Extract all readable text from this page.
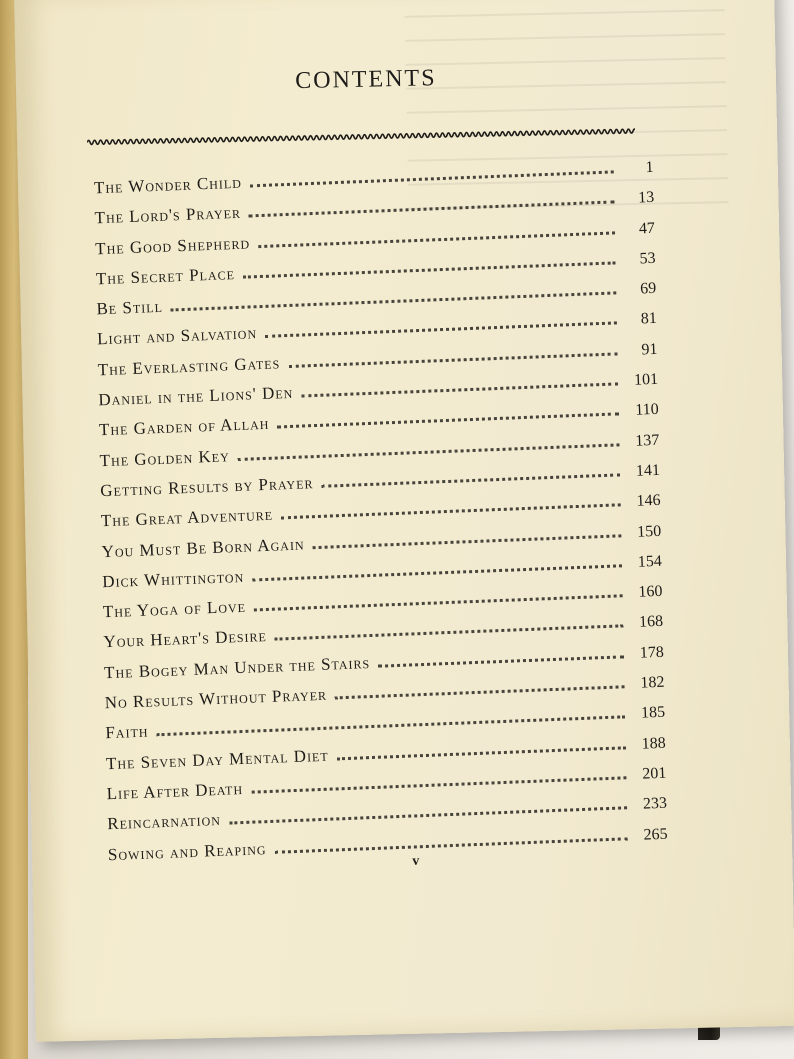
CONTENTS
The Wonder Child
1
The Lord's Prayer
13
The Good Shepherd
47
The Secret Place
53
Be Still
69
Light and Salvation
81
The Everlasting Gates
91
Daniel in the Lions' Den
101
The Garden of Allah
110
The Golden Key
137
Getting Results by Prayer
141
The Great Adventure
146
You Must Be Born Again
150
Dick Whittington
154
The Yoga of Love
160
Your Heart's Desire
168
The Bogey Man Under the Stairs
178
No Results Without Prayer
182
Faith
185
The Seven Day Mental Diet
188
Life After Death
201
Reincarnation
233
Sowing and Reaping
265
v
